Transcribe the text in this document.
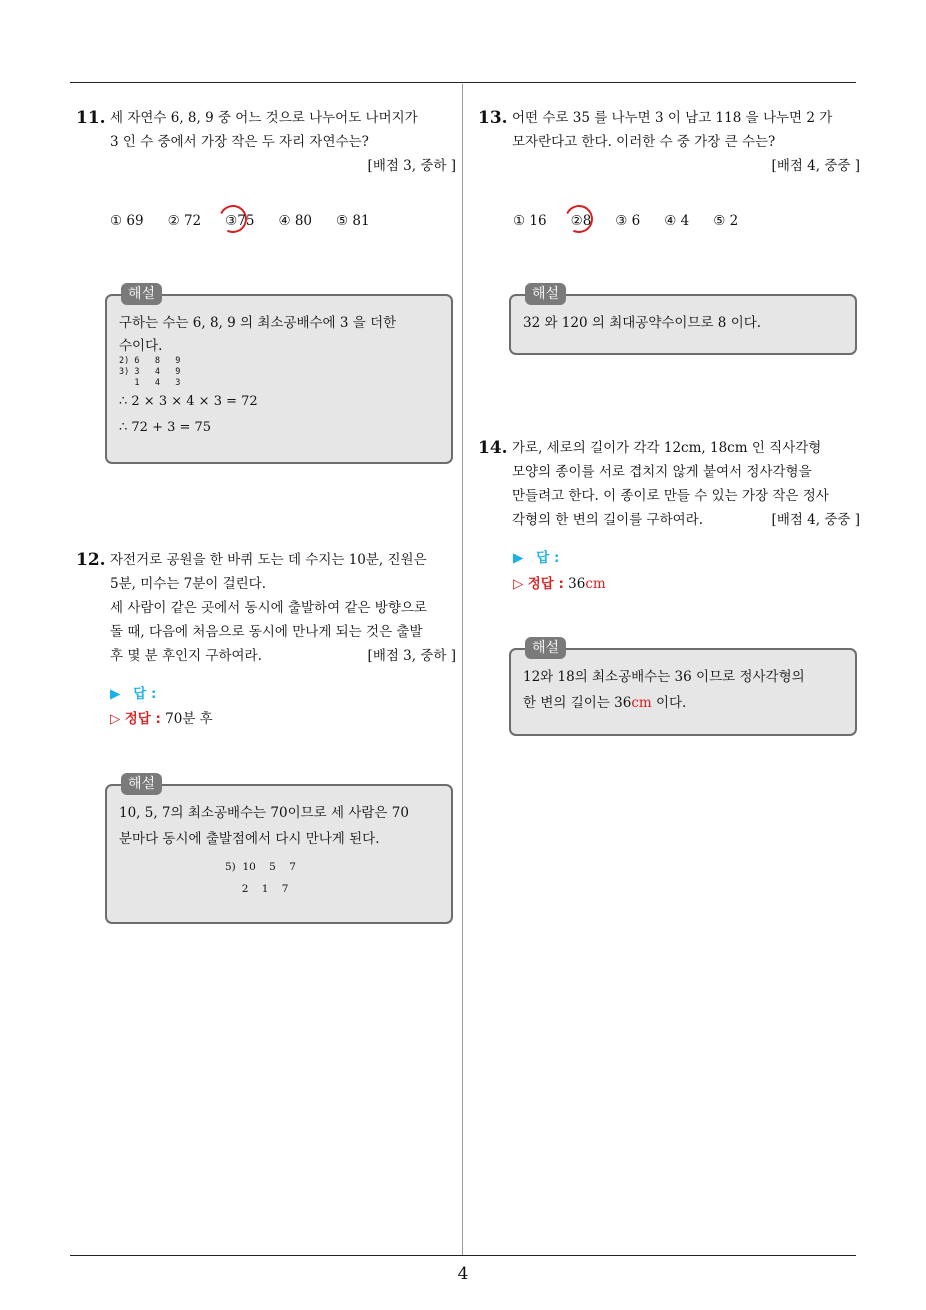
4
11. 세 자연수 6, 8, 9 중 어느 것으로 나누어도 나머지가
3 인 수 중에서 가장 작은 두 자리 자연수는?
[배점 3, 중하 ]
① 69 ② 72 ③ 75 ④ 80 ⑤ 81
해설
구하는 수는 6, 8, 9 의 최소공배수에 3 을 더한
수이다.
2) 6   8   9
3) 3   4   9
1   4   3
∴ 2 × 3 × 4 × 3 = 72
∴ 72 + 3 = 75
12. 자전거로 공원을 한 바퀴 도는 데 수지는 10분, 진원은
5분, 미수는 7분이 걸린다.
세 사람이 같은 곳에서 동시에 출발하여 같은 방향으로
돌 때, 다음에 처음으로 동시에 만나게 되는 것은 출발
후 몇 분 후인지 구하여라.	[배점 3, 중하 ]
▶ 답 :
▷ 정답 : 70분 후
해설
10, 5, 7의 최소공배수는 70이므로 세 사람은 70
분마다 동시에 출발점에서 다시 만나게 된다.
5)  10    5    7
2    1    7
13. 어떤 수로 35 를 나누면 3 이 남고 118 을 나누면 2 가
모자란다고 한다. 이러한 수 중 가장 큰 수는?
[배점 4, 중중 ]
① 16 ② 8 ③ 6 ④ 4 ⑤ 2
해설
32 와 120 의 최대공약수이므로 8 이다.
14. 가로, 세로의 길이가 각각 12cm, 18cm 인 직사각형
모양의 종이를 서로 겹치지 않게 붙여서 정사각형을
만들려고 한다. 이 종이로 만들 수 있는 가장 작은 정사
각형의 한 변의 길이를 구하여라.	[배점 4, 중중 ]
▶ 답 :
▷ 정답 : 36cm
해설
12와 18의 최소공배수는 36 이므로 정사각형의
한 변의 길이는 36cm 이다.
